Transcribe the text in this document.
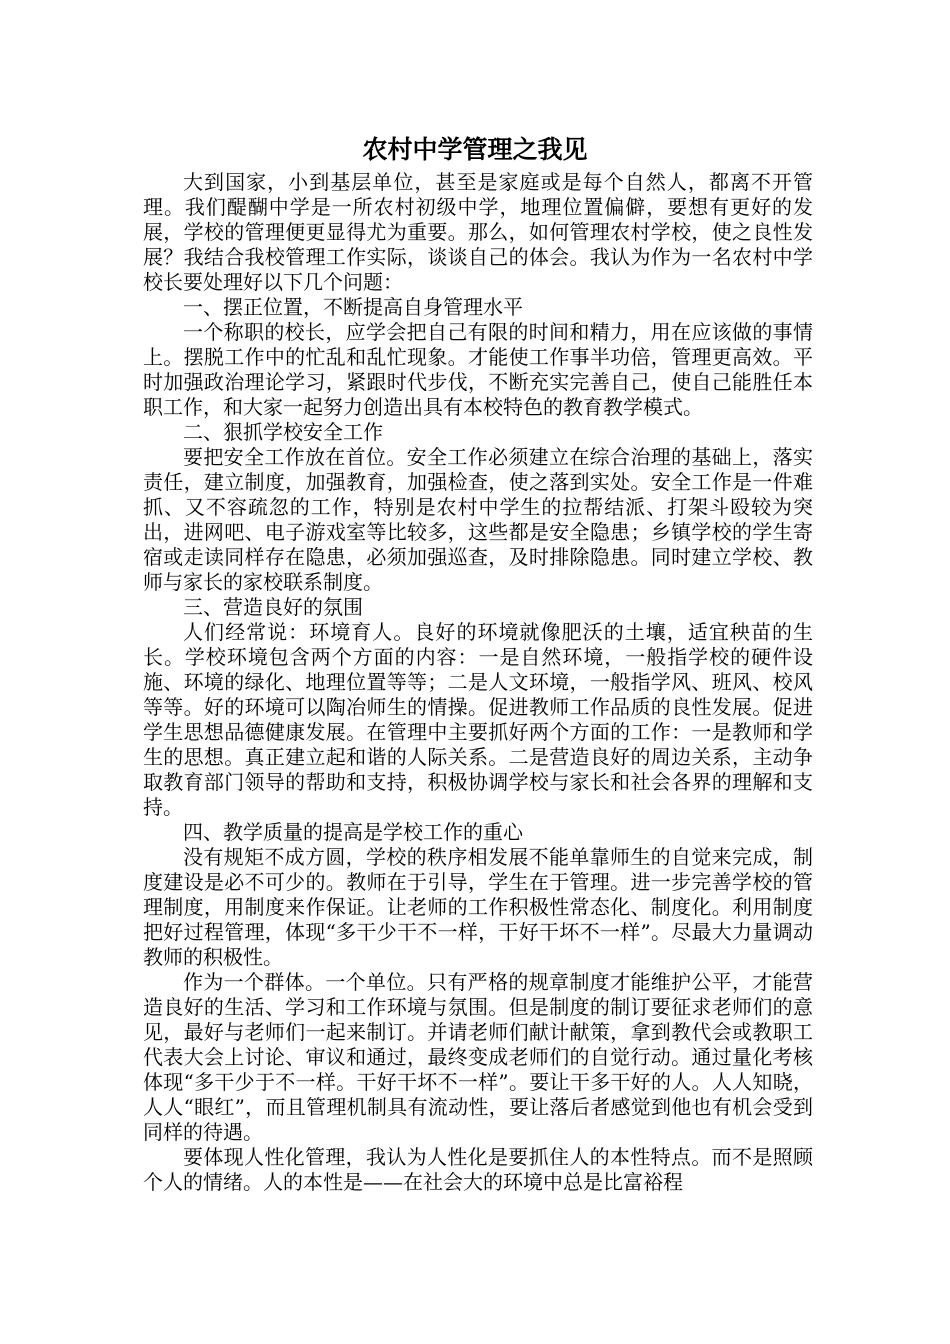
农村中学管理之我见

大到国家，小到基层单位，甚至是家庭或是每个自然人，都离不开管理。我们醍醐中学是一所农村初级中学，地理位置偏僻，要想有更好的发展，学校的管理便更显得尤为重要。那么，如何管理农村学校，使之良性发展？我结合我校管理工作实际，谈谈自己的体会。我认为作为一名农村中学校长要处理好以下几个问题：

一、摆正位置，不断提高自身管理水平

一个称职的校长，应学会把自己有限的时间和精力，用在应该做的事情上。摆脱工作中的忙乱和乱忙现象。才能使工作事半功倍，管理更高效。平时加强政治理论学习，紧跟时代步伐，不断充实完善自己，使自己能胜任本职工作，和大家一起努力创造出具有本校特色的教育教学模式。

二、狠抓学校安全工作

要把安全工作放在首位。安全工作必须建立在综合治理的基础上，落实责任，建立制度，加强教育，加强检查，使之落到实处。安全工作是一件难抓、又不容疏忽的工作，特别是农村中学生的拉帮结派、打架斗殴较为突出，进网吧、电子游戏室等比较多，这些都是安全隐患；乡镇学校的学生寄宿或走读同样存在隐患，必须加强巡查，及时排除隐患。同时建立学校、教师与家长的家校联系制度。

三、营造良好的氛围

人们经常说：环境育人。良好的环境就像肥沃的土壤，适宜秧苗的生长。学校环境包含两个方面的内容：一是自然环境，一般指学校的硬件设施、环境的绿化、地理位置等等；二是人文环境，一般指学风、班风、校风等等。好的环境可以陶冶师生的情操。促进教师工作品质的良性发展。促进学生思想品德健康发展。在管理中主要抓好两个方面的工作：一是教师和学生的思想。真正建立起和谐的人际关系。二是营造良好的周边关系，主动争取教育部门领导的帮助和支持，积极协调学校与家长和社会各界的理解和支持。

四、教学质量的提高是学校工作的重心

没有规矩不成方圆，学校的秩序相发展不能单靠师生的自觉来完成，制度建设是必不可少的。教师在于引导，学生在于管理。进一步完善学校的管理制度，用制度来作保证。让老师的工作积极性常态化、制度化。利用制度把好过程管理，体现“多干少干不一样，干好干坏不一样”。尽最大力量调动教师的积极性。

作为一个群体。一个单位。只有严格的规章制度才能维护公平，才能营造良好的生活、学习和工作环境与氛围。但是制度的制订要征求老师们的意见，最好与老师们一起来制订。并请老师们献计献策，拿到教代会或教职工代表大会上讨论、审议和通过，最终变成老师们的自觉行动。通过量化考核体现“多干少于不一样。干好干坏不一样”。要让干多干好的人。人人知晓，人人“眼红”，而且管理机制具有流动性，要让落后者感觉到他也有机会受到同样的待遇。

要体现人性化管理，我认为人性化是要抓住人的本性特点。而不是照顾个人的情绪。人的本性是——在社会大的环境中总是比富裕程
